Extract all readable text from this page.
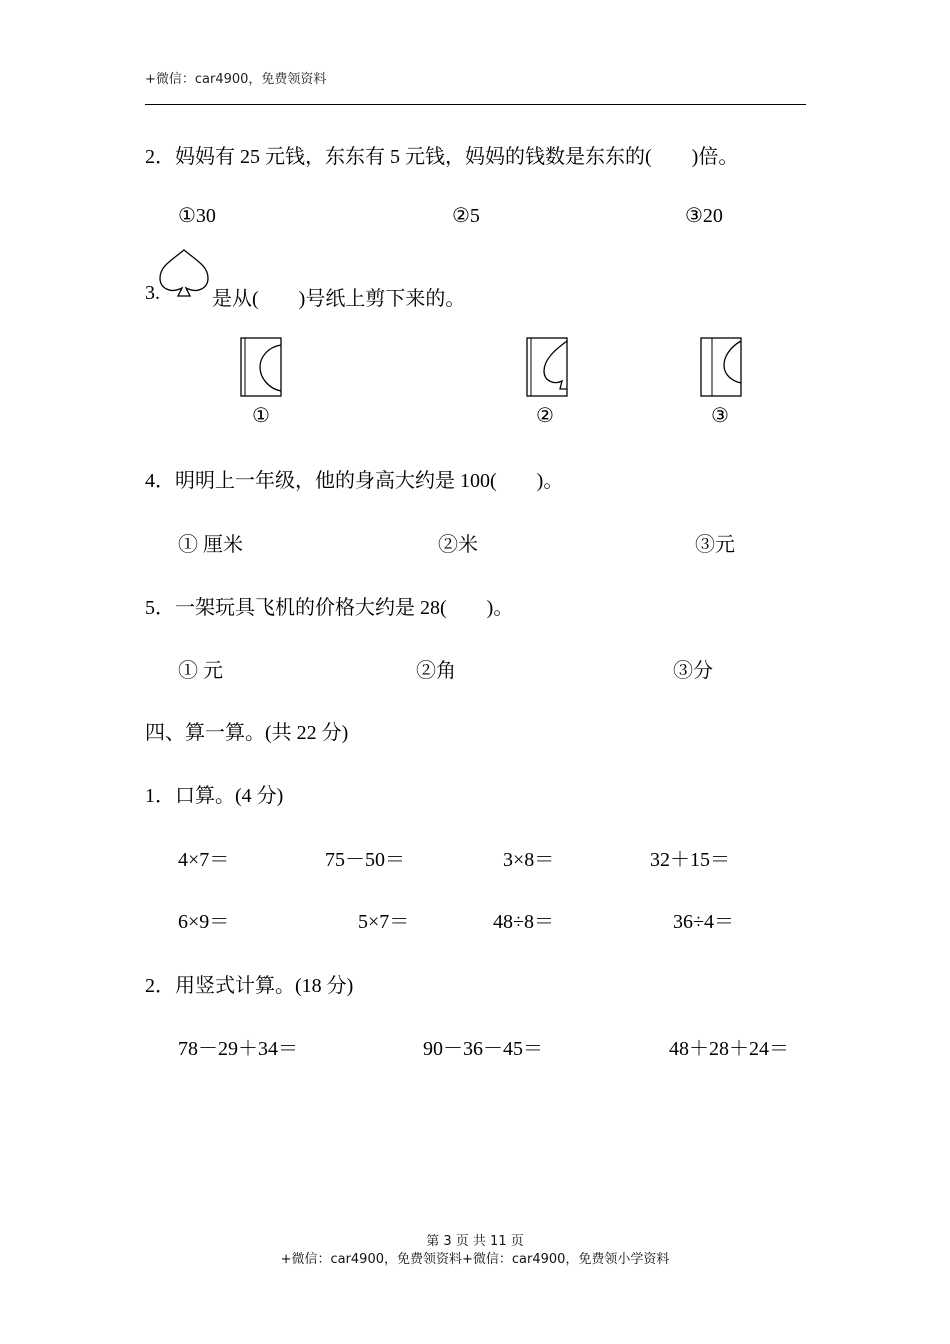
+微信：car4900，免费领资料
2．妈妈有 25 元钱，东东有 5 元钱，妈妈的钱数是东东的( )倍。
①30	②5	③20
3.	是从( )号纸上剪下来的。
①	②	③
4．明明上一年级，他的身高大约是 100( )。
① 厘米	②米	③元
5．一架玩具飞机的价格大约是 28( )。
① 元	②角	③分
四、算一算。(共 22 分)
1．口算。(4 分)
4×7＝	75－50＝	3×8＝	32＋15＝
6×9＝	5×7＝	48÷8＝	36÷4＝
2．用竖式计算。(18 分)
78－29＋34＝	90－36－45＝	48＋28＋24＝
第 3 页 共 11 页
+微信：car4900，免费领资料+微信：car4900，免费领小学资料
